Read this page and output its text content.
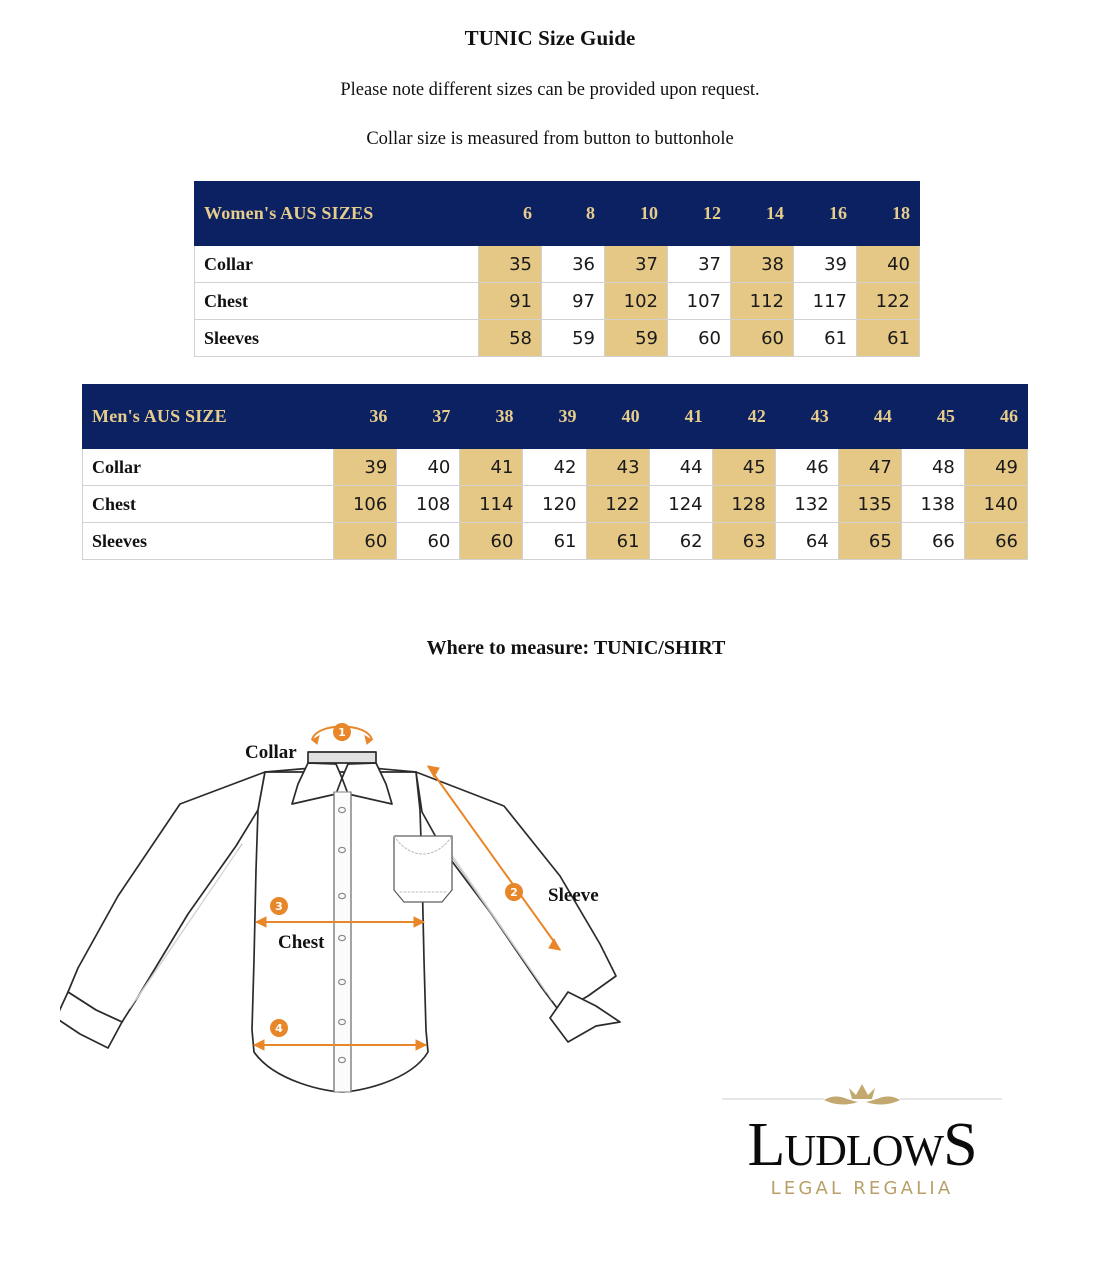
TUNIC Size Guide

Please note different sizes can be provided upon request.

Collar size is measured from button to buttonhole

Women's AUS SIZES	6	8	10	12	14	16	18
Collar	35	36	37	37	38	39	40
Chest	91	97	102	107	112	117	122
Sleeves	58	59	59	60	60	61	61
Men's AUS SIZE	36	37	38	39	40	41	42	43	44	45	46
Collar	39	40	41	42	43	44	45	46	47	48	49
Chest	106	108	114	120	122	124	128	132	135	138	140
Sleeves	60	60	60	61	61	62	63	64	65	66	66
Where to measure: TUNIC/SHIRT
1
2
3
4
Collar
Sleeve
Chest
LUDLOWS
LEGAL REGALIA
